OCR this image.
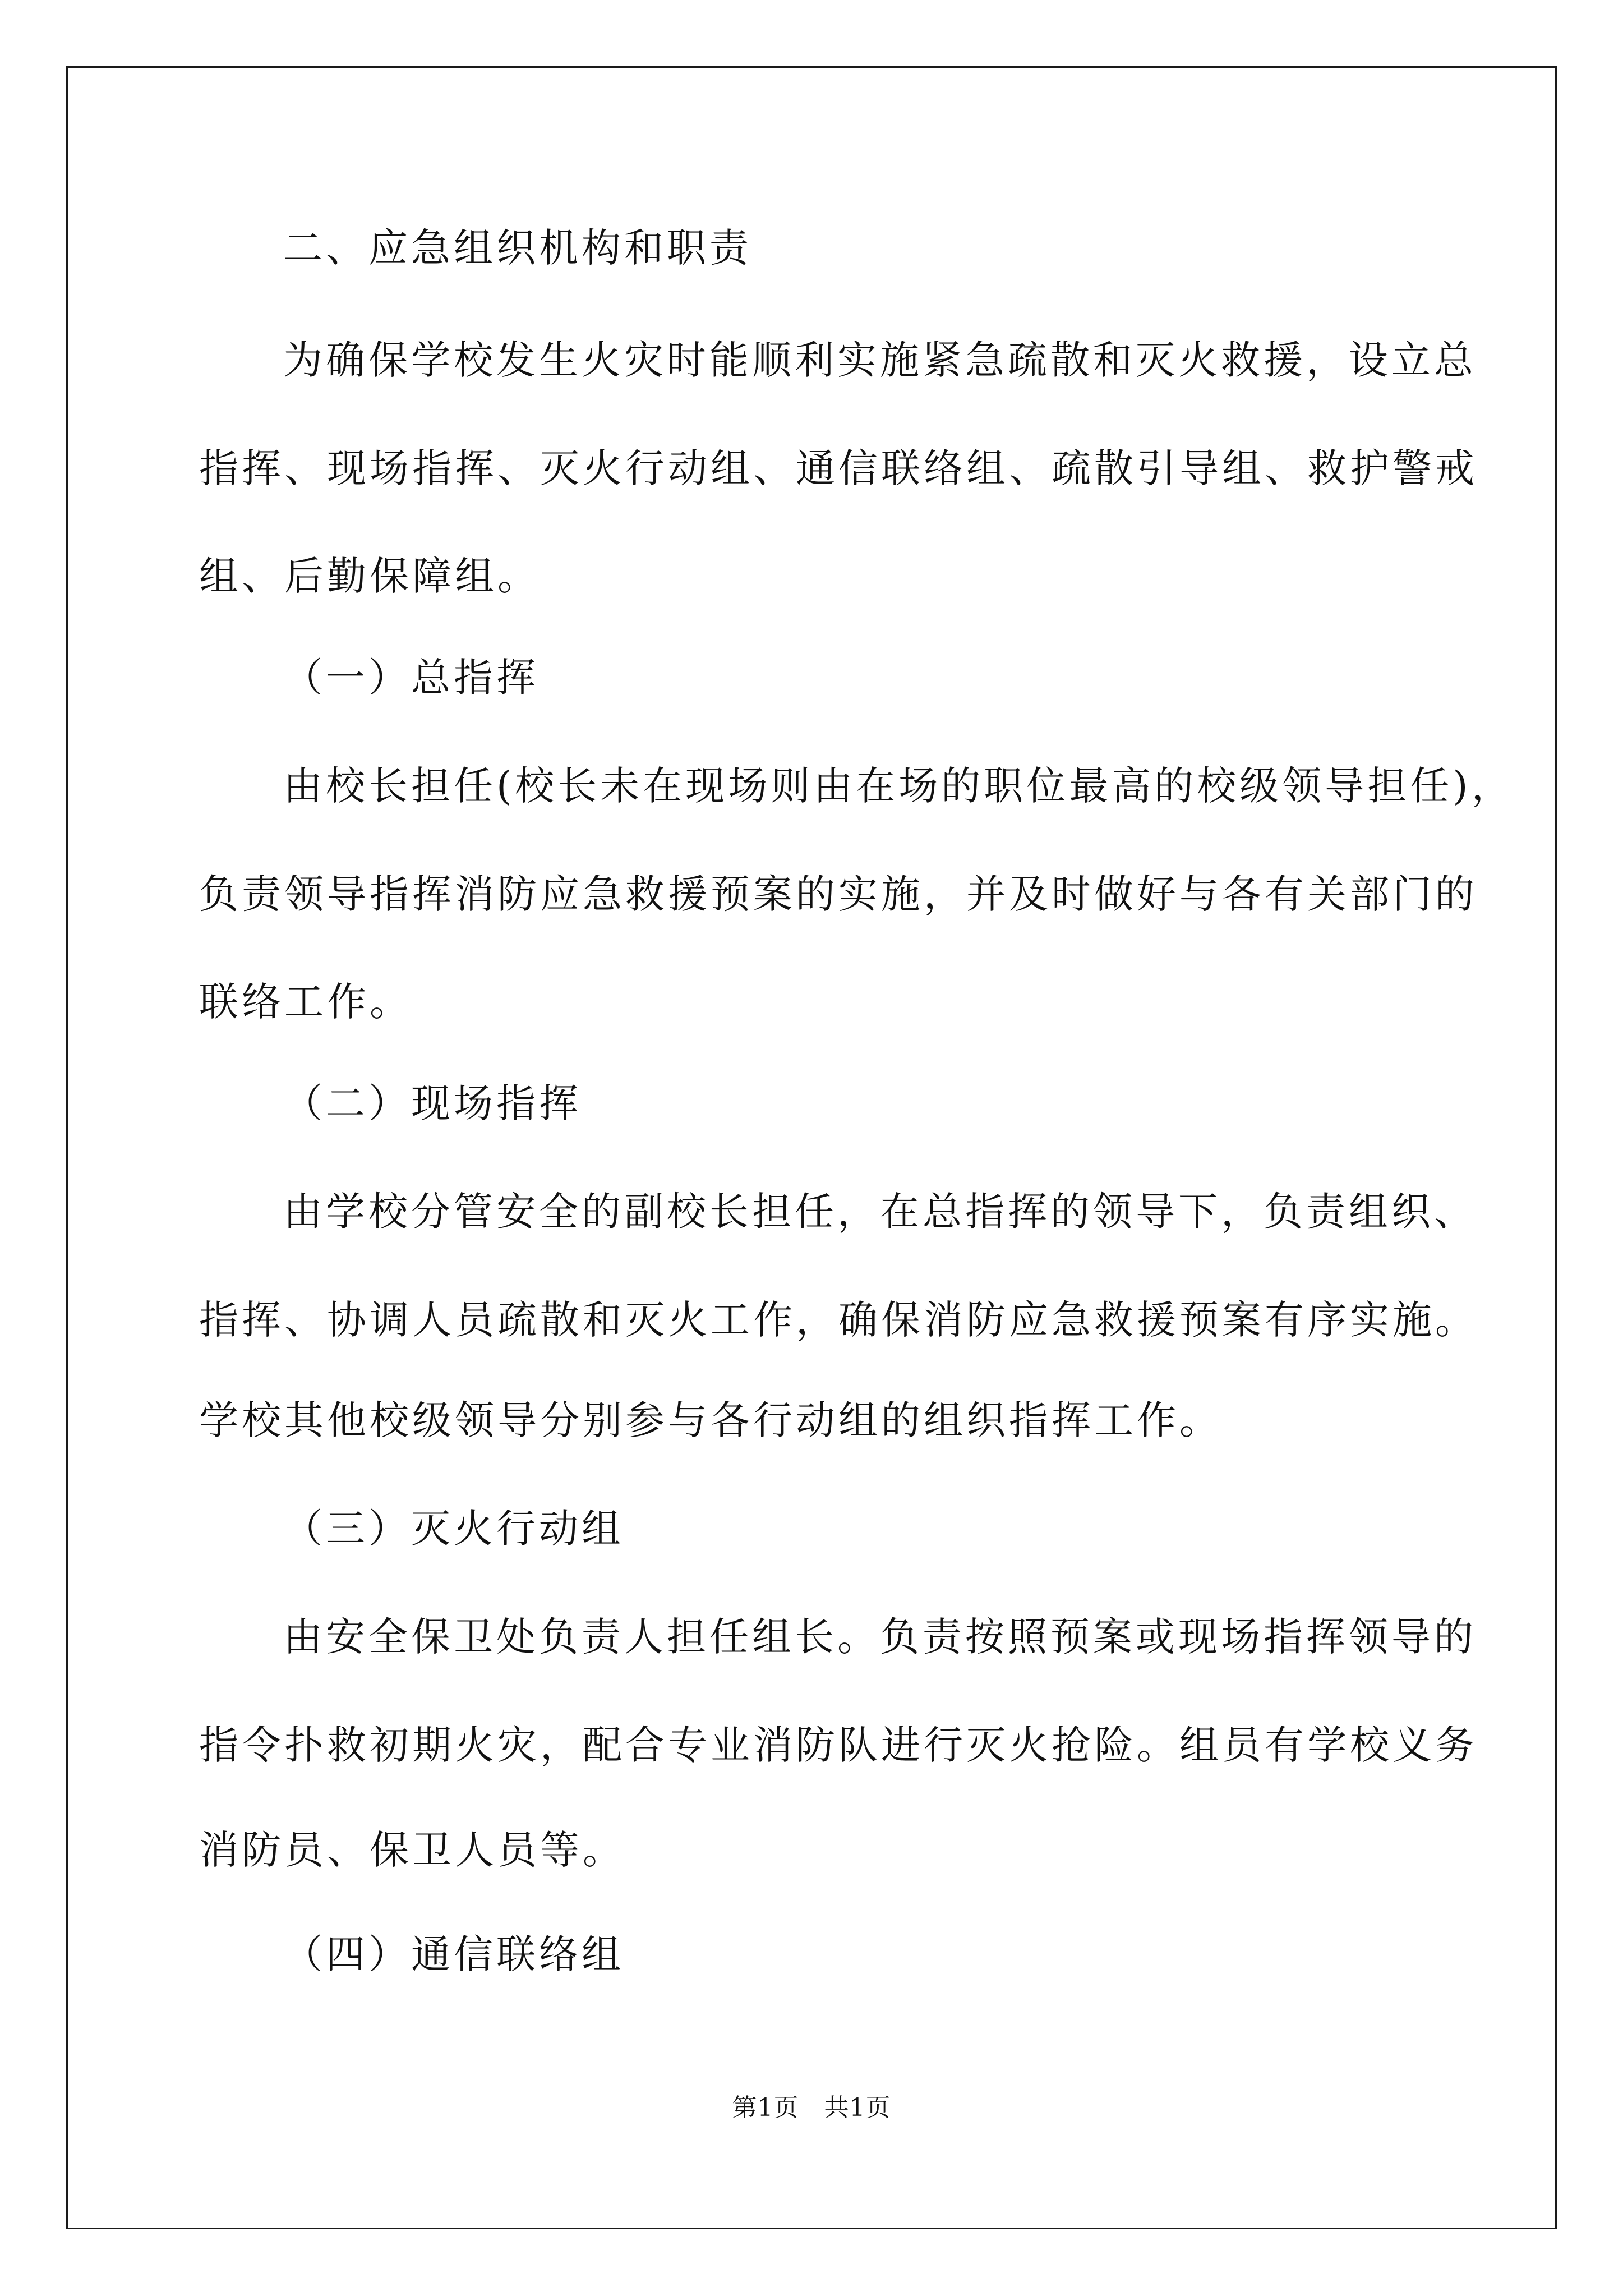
二、应急组织机构和职责
为确保学校发生火灾时能顺利实施紧急疏散和灭火救援，设立总
指挥、现场指挥、灭火行动组、通信联络组、疏散引导组、救护警戒
组、后勤保障组。
（一）总指挥
由校长担任(校长未在现场则由在场的职位最高的校级领导担任)，
负责领导指挥消防应急救援预案的实施，并及时做好与各有关部门的
联络工作。
（二）现场指挥
由学校分管安全的副校长担任，在总指挥的领导下，负责组织、
指挥、协调人员疏散和灭火工作，确保消防应急救援预案有序实施。
学校其他校级领导分别参与各行动组的组织指挥工作。
（三）灭火行动组
由安全保卫处负责人担任组长。负责按照预案或现场指挥领导的
指令扑救初期火灾，配合专业消防队进行灭火抢险。组员有学校义务
消防员、保卫人员等。
（四）通信联络组
第1页　共1页
